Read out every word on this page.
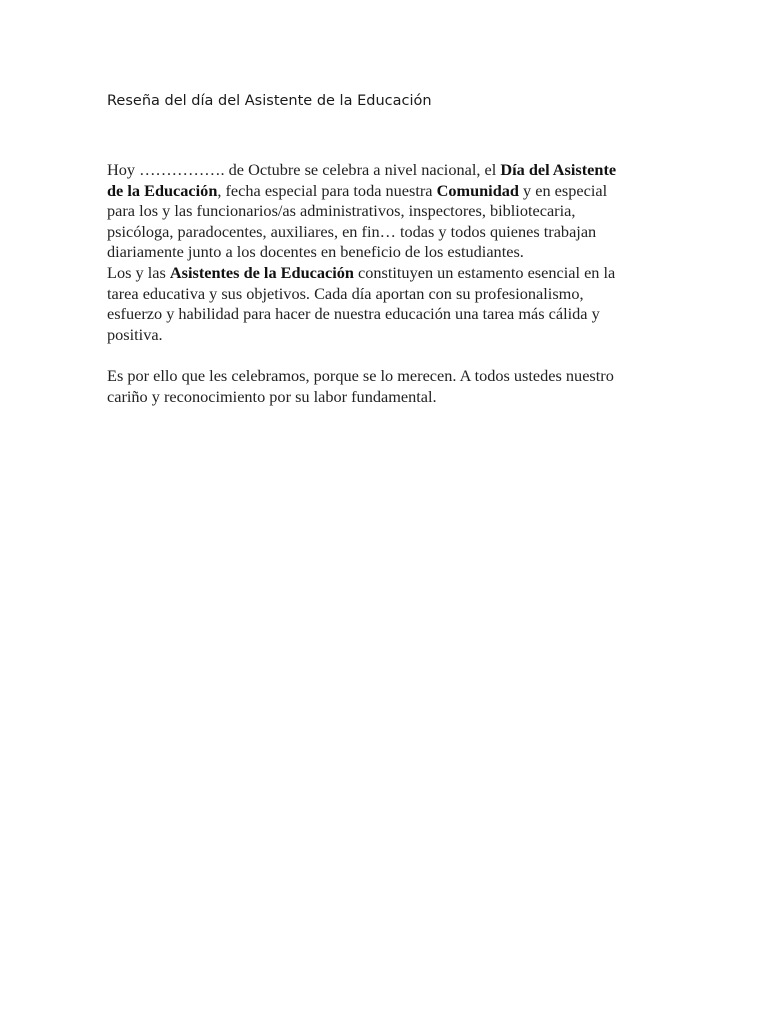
Reseña del día del Asistente de la Educación
Hoy ……………. de Octubre se celebra a nivel nacional, el Día del Asistente
de la Educación, fecha especial para toda nuestra Comunidad y en especial
para los y las funcionarios/as administrativos, inspectores, bibliotecaria,
psicóloga, paradocentes, auxiliares, en fin… todas y todos quienes trabajan
diariamente junto a los docentes en beneficio de los estudiantes.
Los y las Asistentes de la Educación constituyen un estamento esencial en la
tarea educativa y sus objetivos. Cada día aportan con su profesionalismo,
esfuerzo y habilidad para hacer de nuestra educación una tarea más cálida y
positiva.
Es por ello que les celebramos, porque se lo merecen. A todos ustedes nuestro
cariño y reconocimiento por su labor fundamental.
